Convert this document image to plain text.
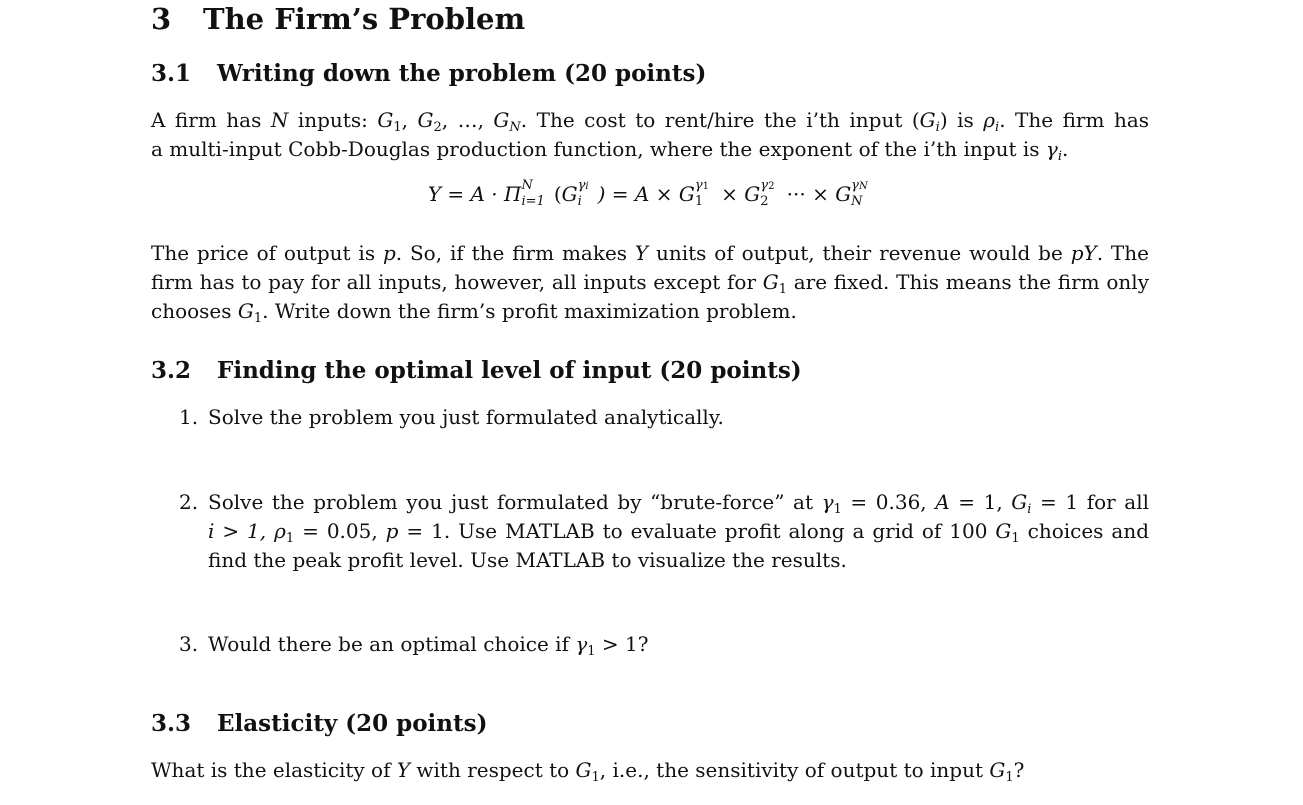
3 The Firm’s Problem
3.1 Writing down the problem (20 points)
A firm has N inputs: $G_1$, $G_2$, …, $G_N$. The cost to rent/hire the i’th input $(G_i)$ is $\rho_i$. The firm has
a multi-input Cobb-Douglas production function, where the exponent of the i’th input is $\gamma_i$.
Y = A · Π N
i=1 (G γi
i ) = A × G γ1
1 × G γ2
2 ··· × G γN
N
The price of output is p. So, if the firm makes Y units of output, their revenue would be pY. The
firm has to pay for all inputs, however, all inputs except for $G_1$ are fixed. This means the firm only
chooses $G_1$. Write down the firm’s profit maximization problem.
3.2 Finding the optimal level of input (20 points)
1. Solve the problem you just formulated analytically.
2. Solve the problem you just formulated by “brute-force” at $\gamma_1 = 0.36$, A = 1, $G_i = 1$ for all
i > 1, $\rho_1 = 0.05$, p = 1. Use MATLAB to evaluate profit along a grid of 100 $G_1$ choices and
find the peak profit level. Use MATLAB to visualize the results.
3. Would there be an optimal choice if $\gamma_1 > 1$?
3.3 Elasticity (20 points)
What is the elasticity of Y with respect to $G_1$, i.e., the sensitivity of output to input $G_1$?
